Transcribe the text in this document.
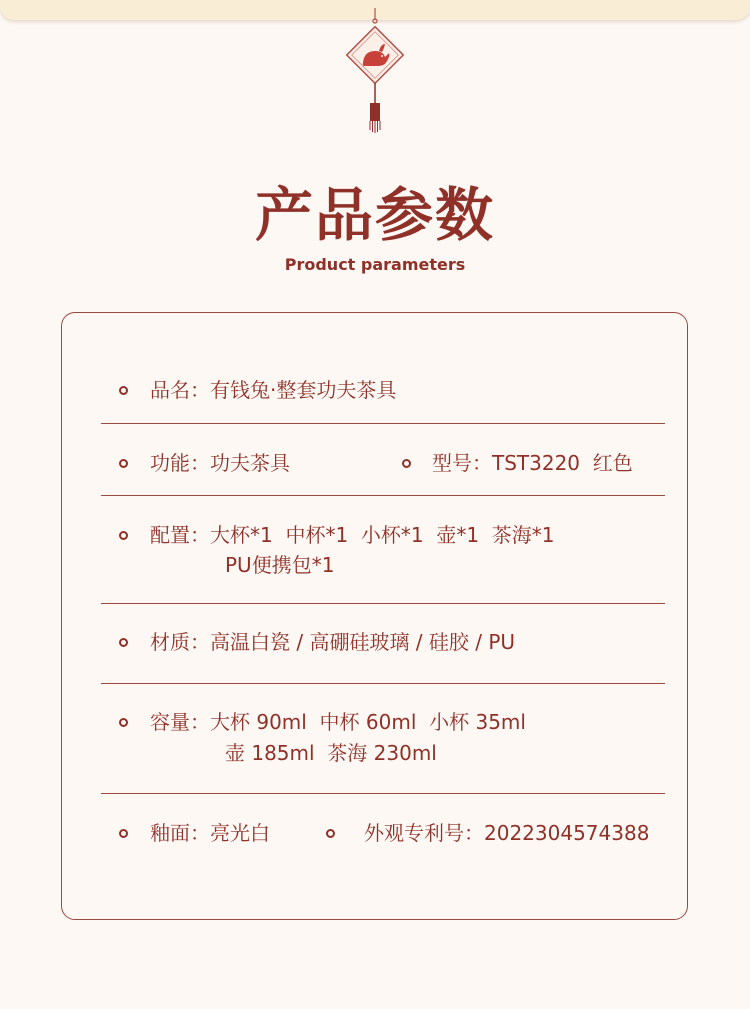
产品参数
Product parameters
品名：有钱兔·整套功夫茶具
功能：功夫茶具	型号：TST3220  红色
配置：大杯*1  中杯*1  小杯*1  壶*1  茶海*1
PU便携包*1
材质：高温白瓷 / 高硼硅玻璃 / 硅胶 / PU
容量：大杯 90ml  中杯 60ml  小杯 35ml
壶 185ml  茶海 230ml
釉面：亮光白	外观专利号：2022304574388
